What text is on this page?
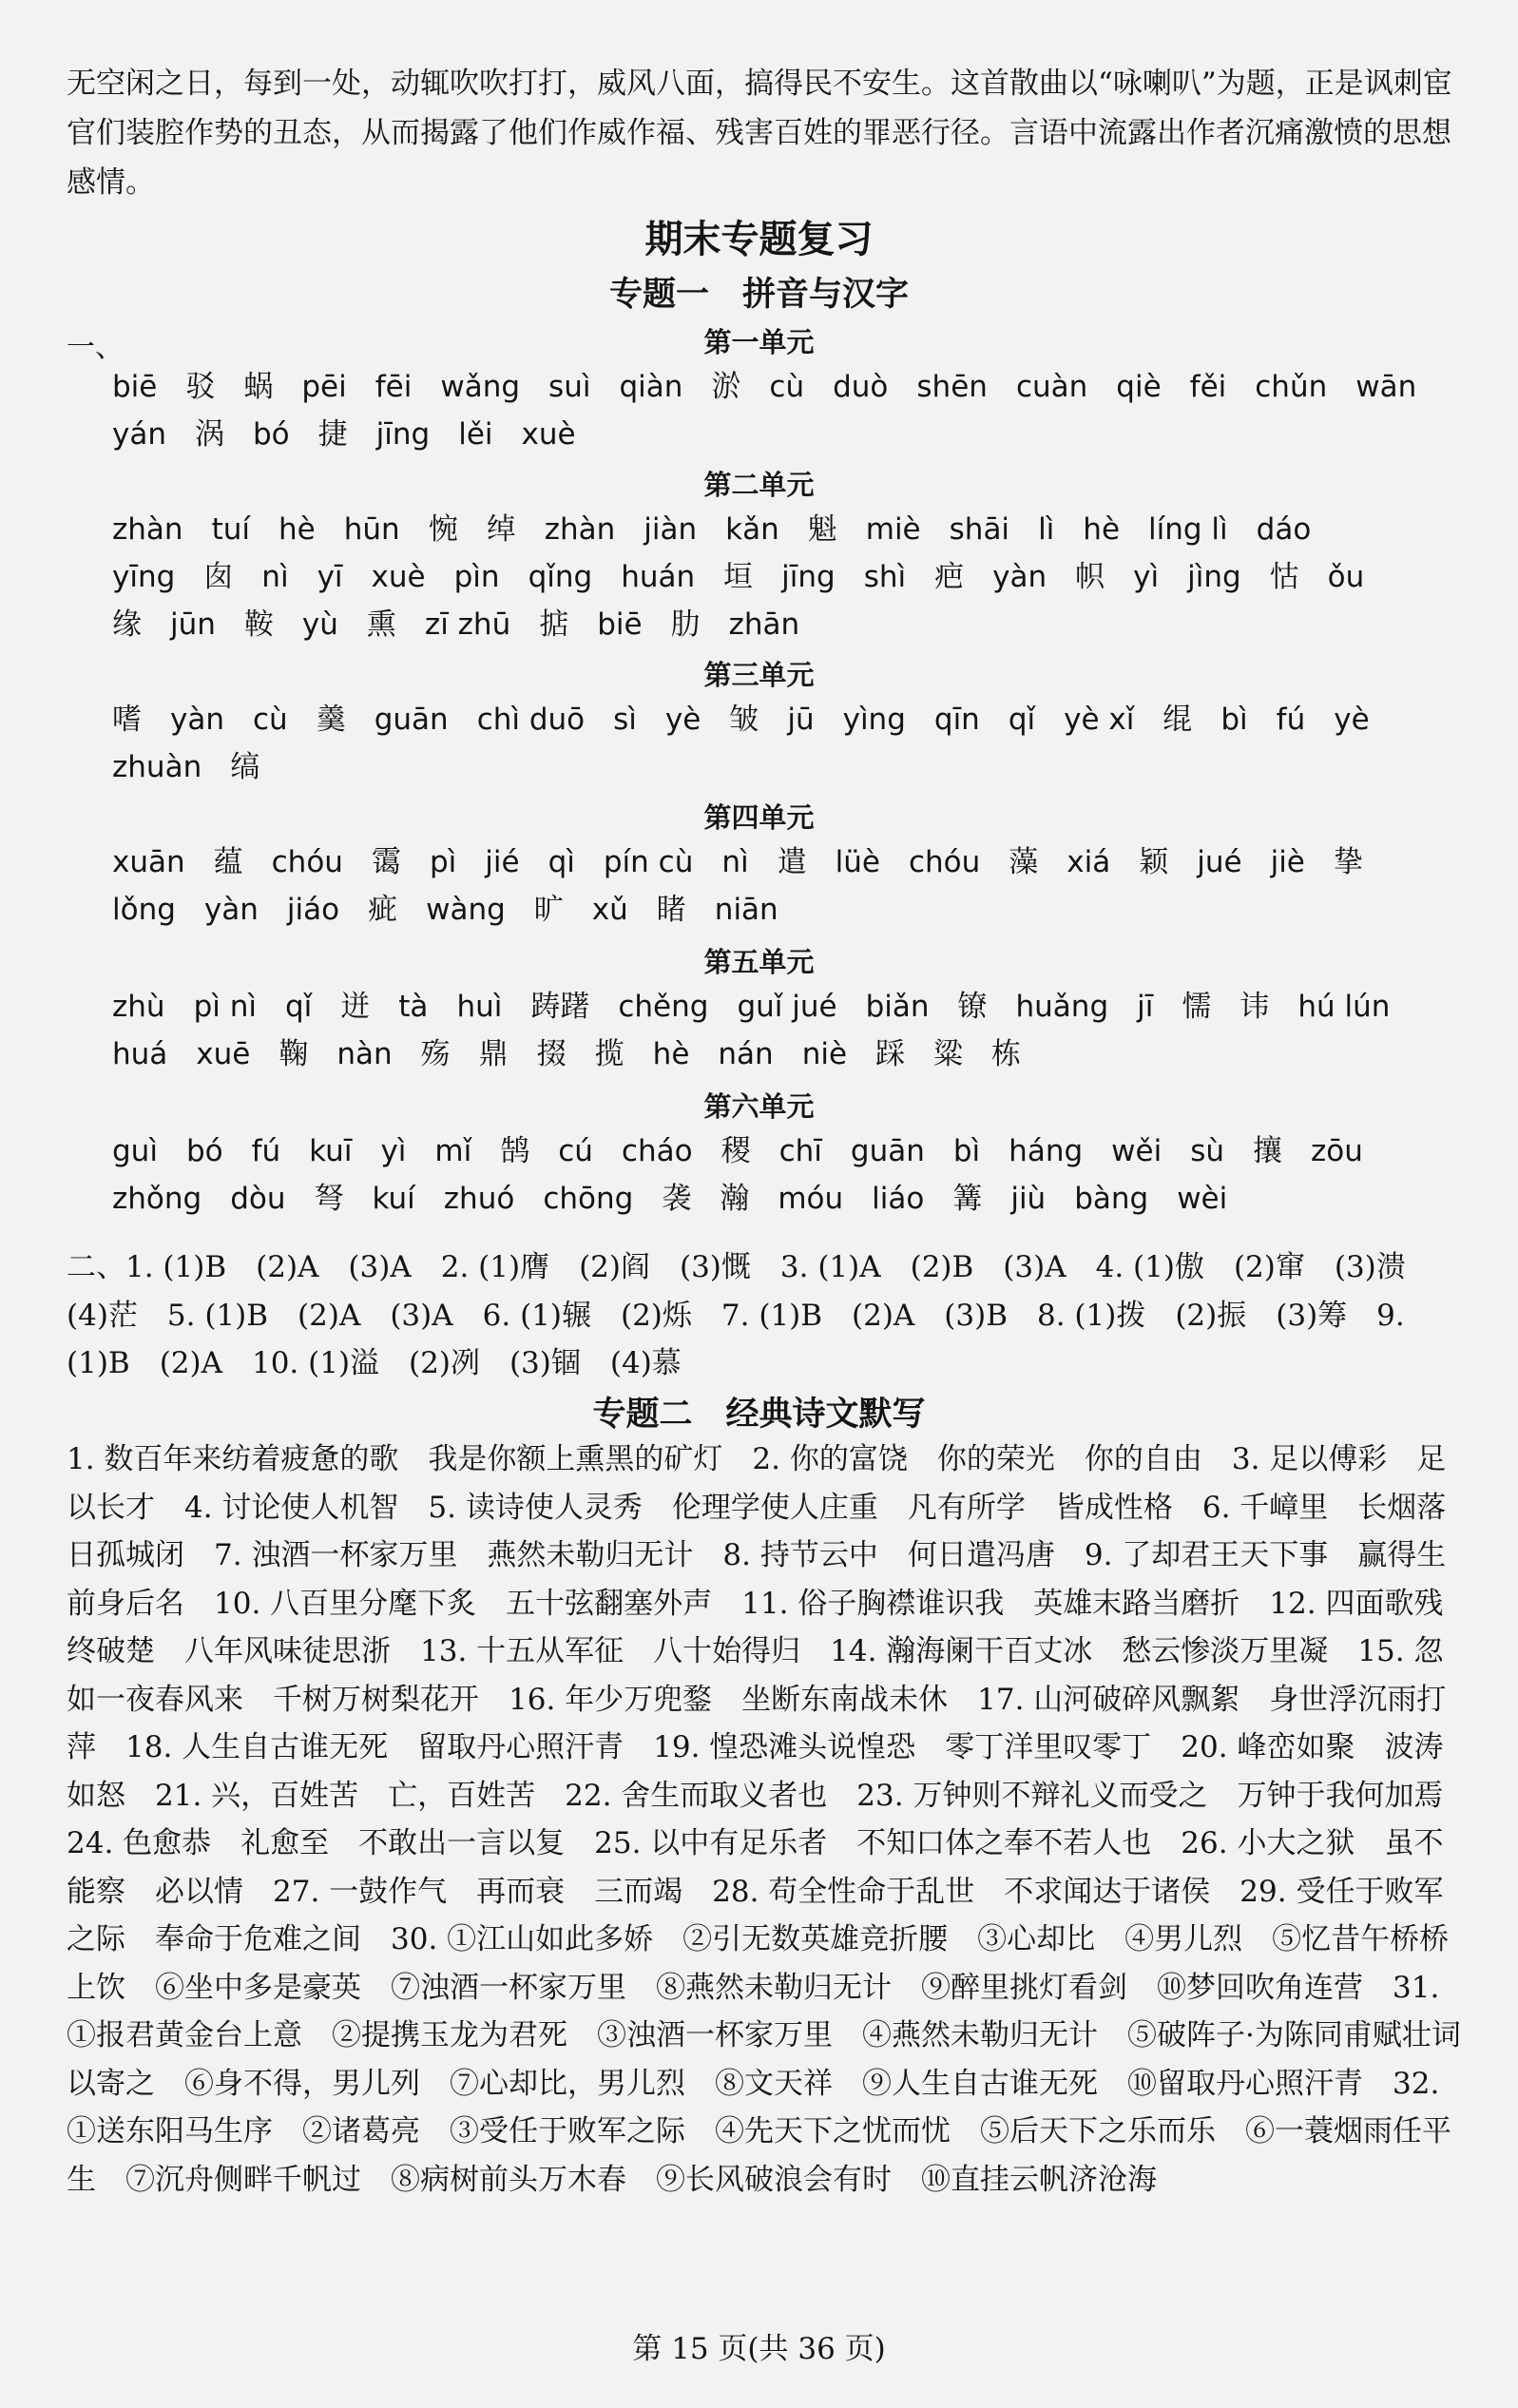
无空闲之日，每到一处，动辄吹吹打打，威风八面，搞得民不安生。这首散曲以“咏喇叭”为题，正是讽刺宦官们装腔作势的丑态，从而揭露了他们作威作福、残害百姓的罪恶行径。言语中流露出作者沉痛激愤的思想感情。
期末专题复习
专题一　拼音与汉字
一、	第一单元
biē 驳 蜗 pēi fēi wǎng suì qiàn 淤 cù duò shēn cuàn qiè fěi chǔn wān
yán 涡 bó 捷 jīng lěi xuè
第二单元
zhàn tuí hè hūn 惋 绰 zhàn jiàn kǎn 魁 miè shāi lì hè líng lì dáo
yīng 囱 nì yī xuè pìn qǐng huán 垣 jīng shì 疤 yàn 帜 yì jìng 怙 ǒu
缘 jūn 鞍 yù 熏 zī zhū 掂 biē 肋 zhān
第三单元
嗜 yàn cù 羹 guān chì duō sì yè 皱 jū yìng qīn qǐ yè xǐ 绲 bì fú yè
zhuàn 缟
第四单元
xuān 蕴 chóu 霭 pì jié qì pín cù nì 遣 lüè chóu 藻 xiá 颖 jué jiè 挚
lǒng yàn jiáo 疵 wàng 旷 xǔ 睹 niān
第五单元
zhù pì nì qǐ 迸 tà huì 踌躇 chěng guǐ jué biǎn 镣 huǎng jī 懦 讳 hú lún
huá xuē 鞠 nàn 殇 鼎 掇 揽 hè nán niè 踩 粱 栋
第六单元
guì bó fú kuī yì mǐ 鹄 cú cháo 稷 chī guān bì háng wěi sù 攘 zōu
zhǒng dòu 弩 kuí zhuó chōng 袭 瀚 móu liáo 篝 jiù bàng wèi
二、1. (1)B　(2)A　(3)A　2. (1)膺　(2)阎　(3)慨　3. (1)A　(2)B　(3)A　4. (1)傲　(2)窜　(3)溃　(4)茫　5. (1)B　(2)A　(3)A　6. (1)辗　(2)烁　7. (1)B　(2)A　(3)B　8. (1)拨　(2)振　(3)筹　9. (1)B　(2)A　10. (1)溢　(2)冽　(3)锢　(4)慕
专题二　经典诗文默写
1. 数百年来纺着疲惫的歌　我是你额上熏黑的矿灯　2. 你的富饶　你的荣光　你的自由　3. 足以傅彩　足以长才　4. 讨论使人机智　5. 读诗使人灵秀　伦理学使人庄重　凡有所学　皆成性格　6. 千嶂里　长烟落日孤城闭　7. 浊酒一杯家万里　燕然未勒归无计　8. 持节云中　何日遣冯唐　9. 了却君王天下事　赢得生前身后名　10. 八百里分麾下炙　五十弦翻塞外声　11. 俗子胸襟谁识我　英雄末路当磨折　12. 四面歌残终破楚　八年风味徒思浙　13. 十五从军征　八十始得归　14. 瀚海阑干百丈冰　愁云惨淡万里凝　15. 忽如一夜春风来　千树万树梨花开　16. 年少万兜鍪　坐断东南战未休　17. 山河破碎风飘絮　身世浮沉雨打萍　18. 人生自古谁无死　留取丹心照汗青　19. 惶恐滩头说惶恐　零丁洋里叹零丁　20. 峰峦如聚　波涛如怒　21. 兴，百姓苦　亡，百姓苦　22. 舍生而取义者也　23. 万钟则不辩礼义而受之　万钟于我何加焉　24. 色愈恭　礼愈至　不敢出一言以复　25. 以中有足乐者　不知口体之奉不若人也　26. 小大之狱　虽不能察　必以情　27. 一鼓作气　再而衰　三而竭　28. 苟全性命于乱世　不求闻达于诸侯　29. 受任于败军之际　奉命于危难之间　30. ①江山如此多娇　②引无数英雄竞折腰　③心却比　④男儿烈　⑤忆昔午桥桥上饮　⑥坐中多是豪英　⑦浊酒一杯家万里　⑧燕然未勒归无计　⑨醉里挑灯看剑　⑩梦回吹角连营　31. ①报君黄金台上意　②提携玉龙为君死　③浊酒一杯家万里　④燕然未勒归无计　⑤破阵子·为陈同甫赋壮词以寄之　⑥身不得，男儿列　⑦心却比，男儿烈　⑧文天祥　⑨人生自古谁无死　⑩留取丹心照汗青　32. ①送东阳马生序　②诸葛亮　③受任于败军之际　④先天下之忧而忧　⑤后天下之乐而乐　⑥一蓑烟雨任平生　⑦沉舟侧畔千帆过　⑧病树前头万木春　⑨长风破浪会有时　⑩直挂云帆济沧海
第 15 页(共 36 页)
